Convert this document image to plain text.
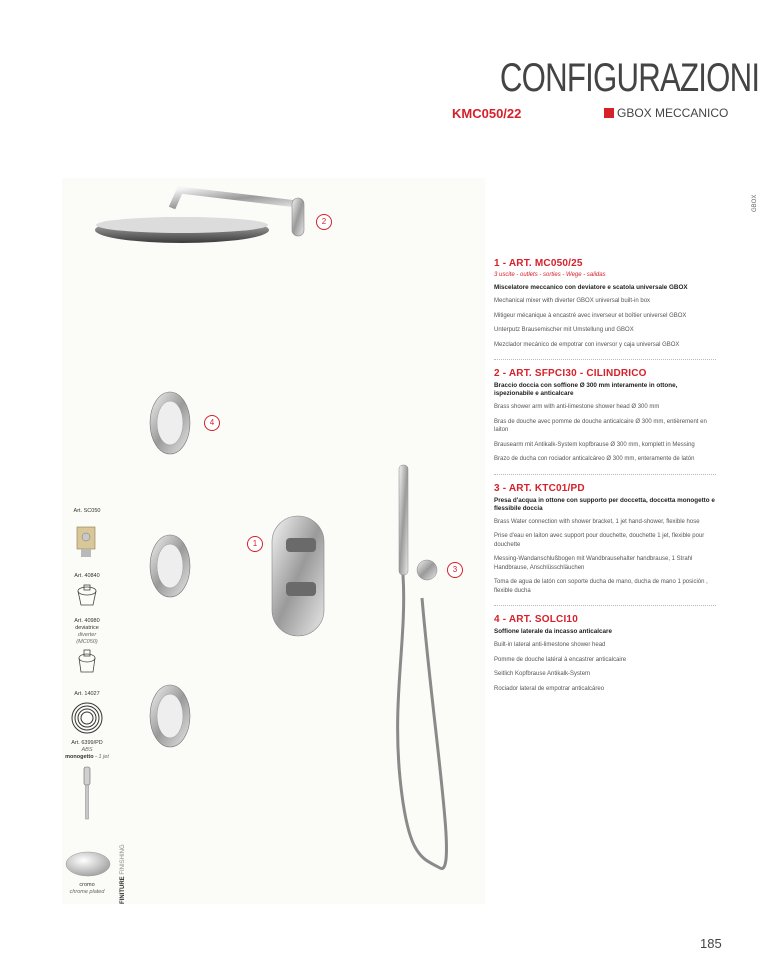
CONFIGURAZIONI
KMC050/22	GBOX MECCANICO
GBOX
1
2
3
4
1 - ART. MC050/25
3 uscite - outlets - sorties - Wege - salidas
Miscelatore meccanico con deviatore e scatola universale GBOX
Mechanical mixer with diverter GBOX universal built-in box
Mitigeur mécanique à encastré avec inverseur et boîtier universel GBOX
Unterputz Brausemischer mit Umstellung und GBOX
Mezclador mecánico de empotrar con inversor y caja universal GBOX
2 - ART. SFPCI30 - CILINDRICO
Braccio doccia con soffione Ø 300 mm interamente in ottone, ispezionabile e anticalcare
Brass shower arm with anti-limestone shower head Ø 300 mm
Bras de douche avec pomme de douche anticalcaire Ø 300 mm, entièrement en laiton
Brausearm mit Antikalk-System kopfbrause Ø 300 mm, komplett in Messing
Brazo de ducha con rociador anticalcáreo Ø 300 mm, enteramente de latón
3 - ART. KTC01/PD
Presa d'acqua in ottone con supporto per doccetta, doccetta monogetto e flessibile doccia
Brass Water connection with shower bracket, 1 jet hand-shower, flexible hose
Prise d'eau en laiton avec support pour douchette, douchette 1 jet, flexible pour douchette
Messing-Wandanschlußbogen mit Wandbrausehalter handbrause, 1 Strahl Handbrause, Anschlüsschläuchen
Toma de agua de latón con soporte ducha de mano, ducha de mano 1 posición , flexible ducha
4 - ART. SOLCI10
Soffione laterale da incasso anticalcare
Built-in lateral anti-limestone shower head
Pomme de douche latéral à encastrer anticalcaire
Seitlich Kopfbrause Antikalk-System
Rociador lateral de empotrar anticalcáreo
Art. SC050
Art. 40840
Art. 40980
deviatrice
diverter
(MC050)
Art. 14027
Art. 6399/PD
ABS
monogetto - 1 jet
cromo
chrome plated	FINITURE FINISHING
185
